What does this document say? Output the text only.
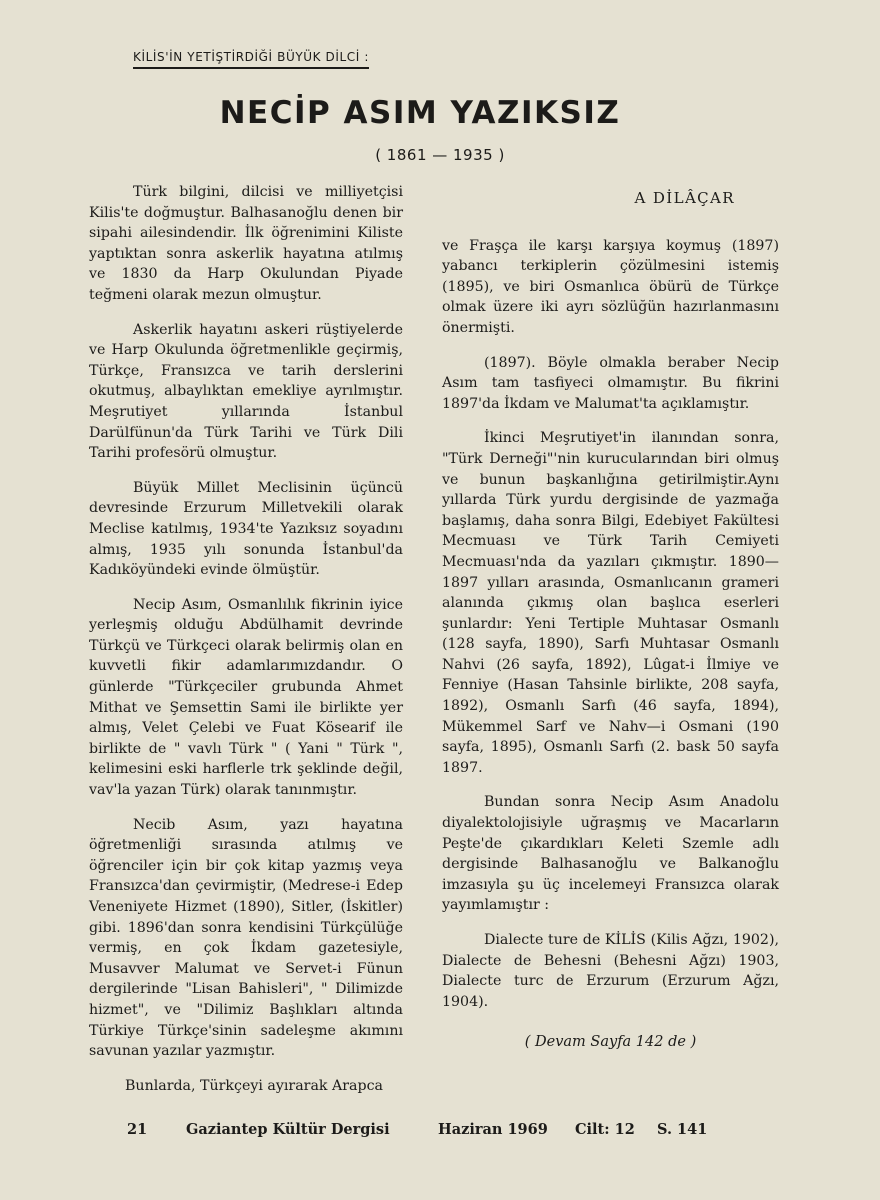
KİLİS'İN YETİŞTİRDİĞİ BÜYÜK DİLCİ :
NECİP ASIM YAZIKSIZ
( 1861 — 1935 )

Türk bilgini, dilcisi ve milliyetçisi Kilis'te doğmuştur. Balhasanoğlu denen bir sipahi ailesindendir. İlk öğrenimini Kiliste yaptıktan sonra askerlik hayatına atılmış ve 1830 da Harp Okulundan Piyade teğmeni olarak mezun olmuştur.

Askerlik hayatını askeri rüştiyelerde ve Harp Okulunda öğretmenlikle geçirmiş, Türkçe, Fransızca ve tarih derslerini okutmuş, albaylıktan emekliye ayrılmıştır. Meşrutiyet yıllarında İstanbul Darülfünun'da Türk Tarihi ve Türk Dili Tarihi profesörü olmuştur.

Büyük Millet Meclisinin üçüncü devresinde Erzurum Milletvekili olarak Meclise katılmış, 1934'te Yazıksız soyadını almış, 1935 yılı sonunda İstanbul'da Kadıköyündeki evinde ölmüştür.

Necip Asım, Osmanlılık fikrinin iyice yerleşmiş olduğu Abdülhamit devrinde Türkçü ve Türkçeci olarak belirmiş olan en kuvvetli fikir adamlarımızdandır. O günlerde "Türkçeciler grubunda Ahmet Mithat ve Şemsettin Sami ile birlikte yer almış, Velet Çelebi ve Fuat Kösearif ile birlikte de " vavlı Türk " ( Yani " Türk ", kelimesini eski harflerle trk şeklinde değil, vav'la yazan Türk) olarak tanınmıştır.

Necib Asım, yazı hayatına öğretmenliği sırasında atılmış ve öğrenciler için bir çok kitap yazmış veya Fransızca'dan çevirmiştir, (Medrese-i Edep Veneniyete Hizmet (1890), Sitler, (İskitler) gibi. 1896'dan sonra kendisini Türkçülüğe vermiş, en çok İkdam gazetesiyle, Musavver Malumat ve Servet-i Fünun dergilerinde "Lisan Bahisleri", " Dilimizde hizmet", ve "Dilimiz Başlıkları altında Türkiye Türkçe'sinin sadeleşme akımını savunan yazılar yazmıştır.

Bunlarda, Türkçeyi ayırarak Arapca

A DİLÂÇAR

ve Fraşça ile karşı karşıya koymuş (1897) yabancı terkiplerin çözülmesini istemiş (1895), ve biri Osmanlıca öbürü de Türkçe olmak üzere iki ayrı sözlüğün hazırlanmasını önermişti.

(1897). Böyle olmakla beraber Necip Asım tam tasfiyeci olmamıştır. Bu fikrini 1897'da İkdam ve Malumat'ta açıklamıştır.

İkinci Meşrutiyet'in ilanından sonra, "Türk Derneği"'nin kurucularından biri olmuş ve bunun başkanlığına getirilmiştir.Aynı yıllarda Türk yurdu dergisinde de yazmağa başlamış, daha sonra Bilgi, Edebiyet Fakültesi Mecmuası ve Türk Tarih Cemiyeti Mecmuası'nda da yazıları çıkmıştır. 1890—1897 yılları arasında, Osmanlıcanın grameri alanında çıkmış olan başlıca eserleri şunlardır: Yeni Tertiple Muhtasar Osmanlı (128 sayfa, 1890), Sarfı Muhtasar Osmanlı Nahvi (26 sayfa, 1892), Lûgat-i İlmiye ve Fenniye (Hasan Tahsinle birlikte, 208 sayfa, 1892), Osmanlı Sarfı (46 sayfa, 1894), Mükemmel Sarf ve Nahv—i Osmani (190 sayfa, 1895), Osmanlı Sarfı (2. bask 50 sayfa 1897.

Bundan sonra Necip Asım Anadolu diyalektolojisiyle uğraşmış ve Macarların Peşte'de çıkardıkları Keleti Szemle adlı dergisinde Balhasanoğlu ve Balkanoğlu imzasıyla şu üç incelemeyi Fransızca olarak yayımlamıştır :

Dialecte ture de KİLİS (Kilis Ağzı, 1902), Dialecte de Behesni (Behesni Ağzı) 1903, Dialecte turc de Erzurum (Erzurum Ağzı, 1904).

( Devam Sayfa 142 de )
21	Gaziantep Kültür Dergisi	Haziran 1969 Cilt: 12 S. 141
